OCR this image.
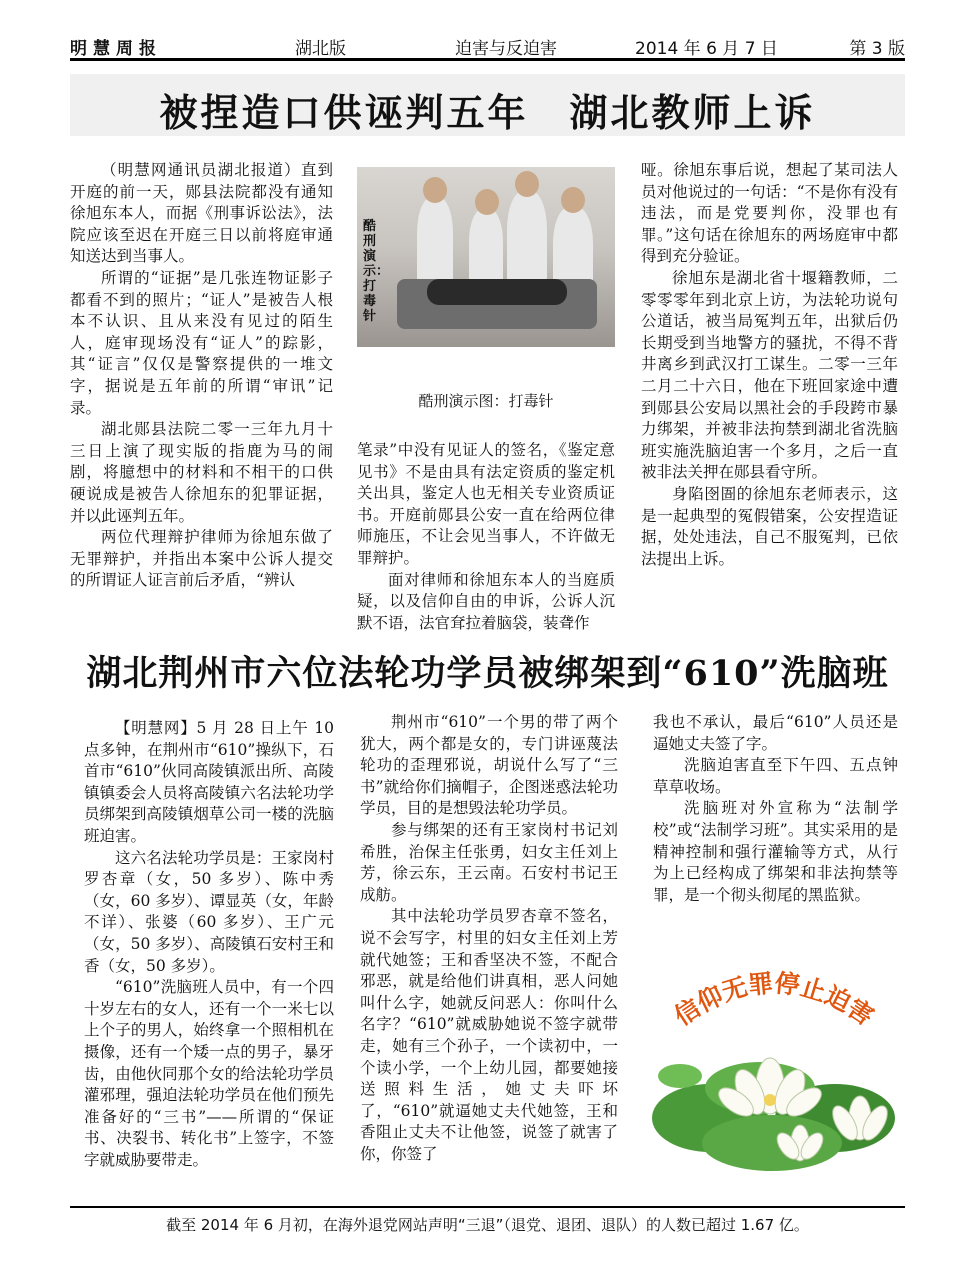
明慧周报	湖北版	迫害与反迫害	2014 年 6 月 7 日	第 3 版
被捏造口供诬判五年　湖北教师上诉

（明慧网通讯员湖北报道）直到开庭的前一天，郧县法院都没有通知徐旭东本人，而据《刑事诉讼法》，法院应该至迟在开庭三日以前将庭审通知送达到当事人。

所谓的“证据”是几张连物证影子都看不到的照片；“证人”是被告人根本不认识、且从来没有见过的陌生人，庭审现场没有“证人”的踪影，其“证言”仅仅是警察提供的一堆文字，据说是五年前的所谓“审讯”记录。

湖北郧县法院二零一三年九月十三日上演了现实版的指鹿为马的闹剧，将臆想中的材料和不相干的口供硬说成是被告人徐旭东的犯罪证据，并以此诬判五年。

两位代理辩护律师为徐旭东做了无罪辩护，并指出本案中公诉人提交的所谓证人证言前后矛盾，“辨认

酷刑演示：打毒针
酷刑演示图：打毒针

笔录”中没有见证人的签名，《鉴定意见书》不是由具有法定资质的鉴定机关出具，鉴定人也无相关专业资质证书。开庭前郧县公安一直在给两位律师施压，不让会见当事人，不许做无罪辩护。

面对律师和徐旭东本人的当庭质疑，以及信仰自由的申诉，公诉人沉默不语，法官耷拉着脑袋，装聋作

哑。徐旭东事后说，想起了某司法人员对他说过的一句话：“不是你有没有违法，而是党要判你，没罪也有罪。”这句话在徐旭东的两场庭审中都得到充分验证。

徐旭东是湖北省十堰籍教师，二零零零年到北京上访，为法轮功说句公道话，被当局冤判五年，出狱后仍长期受到当地警方的骚扰，不得不背井离乡到武汉打工谋生。二零一三年二月二十六日，他在下班回家途中遭到郧县公安局以黑社会的手段跨市暴力绑架，并被非法拘禁到湖北省洗脑班实施洗脑迫害一个多月，之后一直被非法关押在郧县看守所。

身陷囹圄的徐旭东老师表示，这是一起典型的冤假错案，公安捏造证据，处处违法，自己不服冤判，已依法提出上诉。

湖北荆州市六位法轮功学员被绑架到“610”洗脑班

【明慧网】5 月 28 日上午 10 点多钟，在荆州市“610”操纵下，石首市“610”伙同高陵镇派出所、高陵镇镇委会人员将高陵镇六名法轮功学员绑架到高陵镇烟草公司一楼的洗脑班迫害。

这六名法轮功学员是：王家岗村罗杏章（女，50 多岁）、陈中秀（女，60 多岁）、谭显英（女，年龄不详）、张婆（60 多岁）、王广元（女，50 多岁）、高陵镇石安村王和香（女，50 多岁）。

“610”洗脑班人员中，有一个四十岁左右的女人，还有一个一米七以上个子的男人，始终拿一个照相机在摄像，还有一个矮一点的男子，暴牙齿，由他伙同那个女的给法轮功学员灌邪理，强迫法轮功学员在他们预先准备好的“三书”——所谓的“保证书、决裂书、转化书”上签字，不签字就威胁要带走。

荆州市“610”一个男的带了两个犹大，两个都是女的，专门讲诬蔑法轮功的歪理邪说，胡说什么写了“三书”就给你们摘帽子，企图迷惑法轮功学员，目的是想毁法轮功学员。

参与绑架的还有王家岗村书记刘希胜，治保主任张勇，妇女主任刘上芳，徐云东，王云南。石安村书记王成舫。

其中法轮功学员罗杏章不签名，说不会写字，村里的妇女主任刘上芳就代她签；王和香坚决不签，不配合邪恶，就是给他们讲真相，恶人问她叫什么字，她就反问恶人：你叫什么名字？“610”就威胁她说不签字就带走，她有三个孙子，一个读初中，一个读小学，一个上幼儿园，都要她接送照料生活，她丈夫吓坏了，“610”就逼她丈夫代她签，王和香阻止丈夫不让他签，说签了就害了你，你签了

我也不承认，最后“610”人员还是逼她丈夫签了字。

洗脑迫害直至下午四、五点钟草草收场。

洗脑班对外宣称为“法制学校”或“法制学习班”。其实采用的是精神控制和强行灌输等方式，从行为上已经构成了绑架和非法拘禁等罪，是一个彻头彻尾的黑监狱。

信仰无罪停止迫害
截至 2014 年 6 月初，在海外退党网站声明“三退”（退党、退团、退队）的人数已超过 1.67 亿。
